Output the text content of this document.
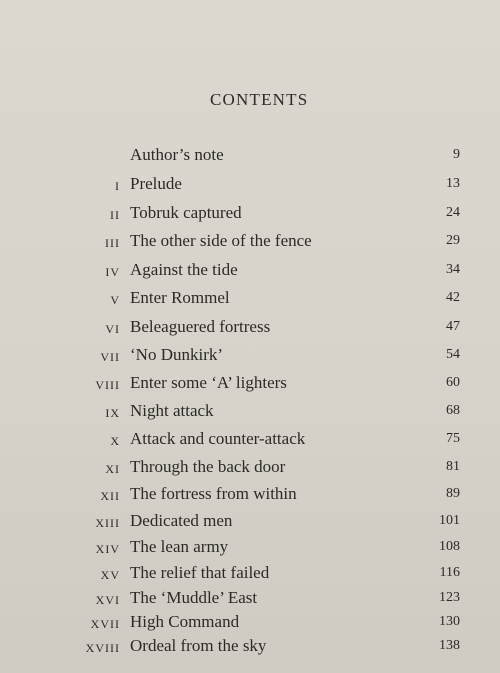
CONTENTS
Author’s note	9
I Prelude	13
II Tobruk captured	24
III The other side of the fence	29
IV Against the tide	34
V Enter Rommel	42
VI Beleaguered fortress	47
VII ‘No Dunkirk’	54
VIII Enter some ‘A’ lighters	60
IX Night attack	68
X Attack and counter-attack	75
XI Through the back door	81
XII The fortress from within	89
XIII Dedicated men	101
XIV The lean army	108
XV The relief that failed	116
XVI The ‘Muddle’ East	123
XVII High Command	130
XVIII Ordeal from the sky	138
